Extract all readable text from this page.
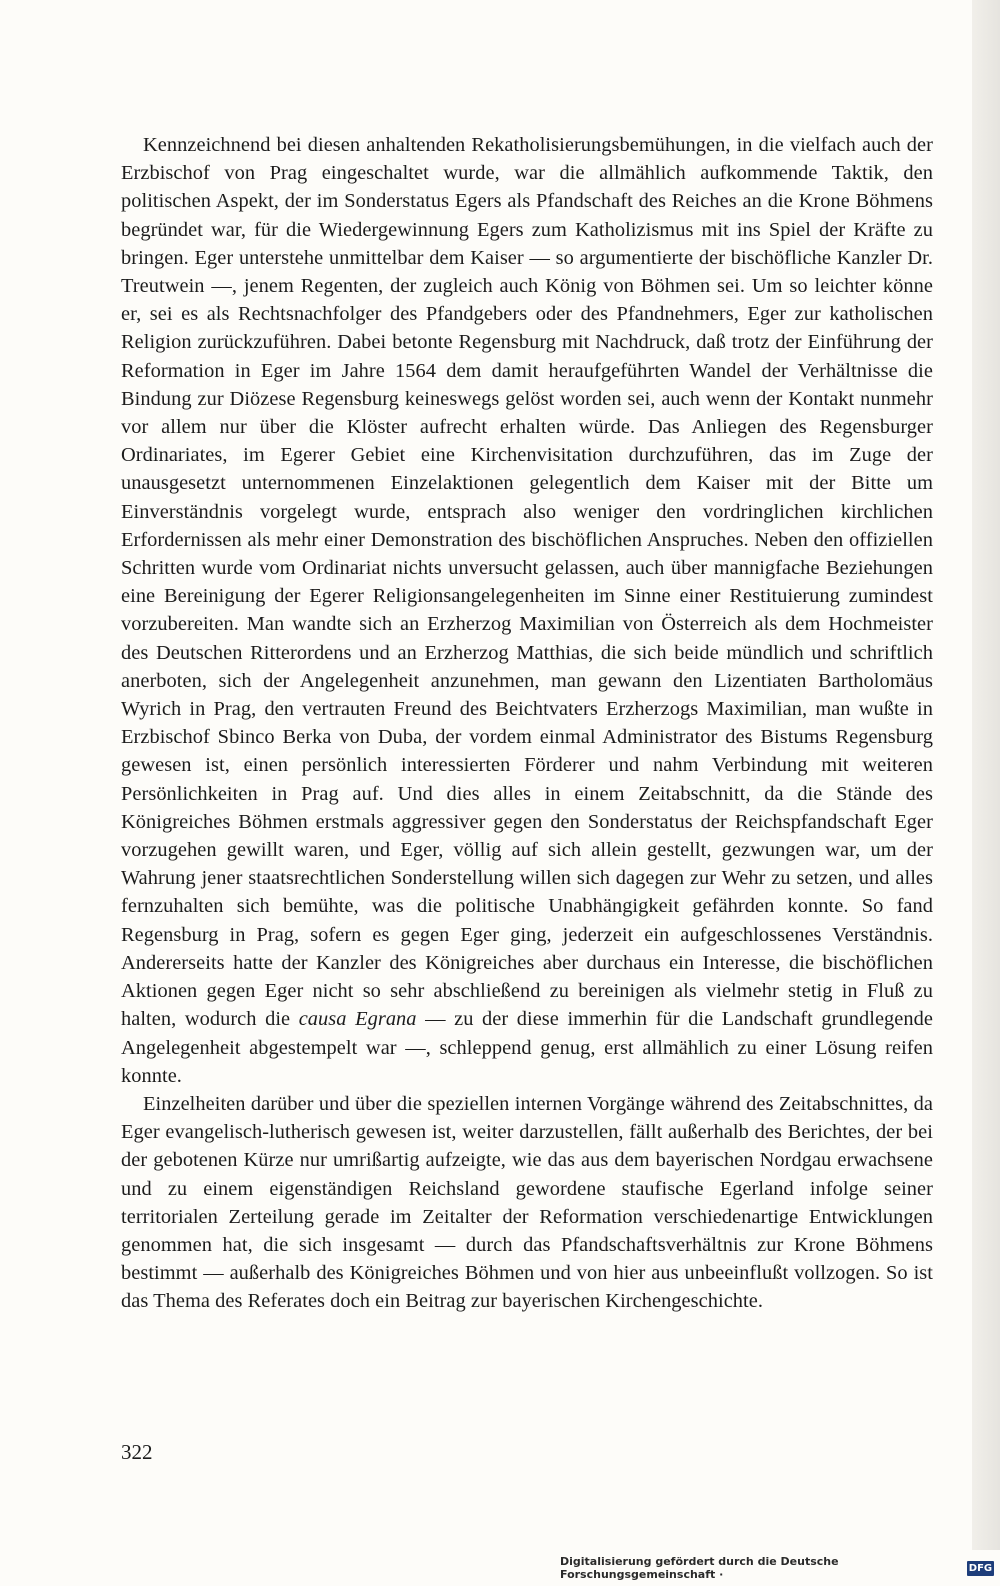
Kennzeichnend bei diesen anhaltenden Rekatholisierungsbemühungen, in die vielfach auch der Erzbischof von Prag eingeschaltet wurde, war die allmählich aufkommende Taktik, den politischen Aspekt, der im Sonderstatus Egers als Pfandschaft des Reiches an die Krone Böhmens begründet war, für die Wiedergewinnung Egers zum Katholizismus mit ins Spiel der Kräfte zu bringen. Eger unterstehe unmittelbar dem Kaiser — so argumentierte der bischöfliche Kanzler Dr. Treutwein —, jenem Regenten, der zugleich auch König von Böhmen sei. Um so leichter könne er, sei es als Rechtsnachfolger des Pfandgebers oder des Pfandnehmers, Eger zur katholischen Religion zurückzuführen. Dabei betonte Regensburg mit Nachdruck, daß trotz der Einführung der Reformation in Eger im Jahre 1564 dem damit heraufgeführten Wandel der Verhältnisse die Bindung zur Diözese Regensburg keineswegs gelöst worden sei, auch wenn der Kontakt nunmehr vor allem nur über die Klöster aufrecht erhalten würde. Das Anliegen des Regensburger Ordinariates, im Egerer Gebiet eine Kirchenvisitation durchzuführen, das im Zuge der unausgesetzt unternommenen Einzelaktionen gelegentlich dem Kaiser mit der Bitte um Einverständnis vorgelegt wurde, entsprach also weniger den vordringlichen kirchlichen Erfordernissen als mehr einer Demonstration des bischöflichen Anspruches. Neben den offiziellen Schritten wurde vom Ordinariat nichts unversucht gelassen, auch über mannigfache Beziehungen eine Bereinigung der Egerer Religionsangelegenheiten im Sinne einer Restituierung zumindest vorzubereiten. Man wandte sich an Erzherzog Maximilian von Österreich als dem Hochmeister des Deutschen Ritterordens und an Erzherzog Matthias, die sich beide mündlich und schriftlich anerboten, sich der Angelegenheit anzunehmen, man gewann den Lizentiaten Bartholomäus Wyrich in Prag, den vertrauten Freund des Beichtvaters Erzherzogs Maximilian, man wußte in Erzbischof Sbinco Berka von Duba, der vordem einmal Administrator des Bistums Regensburg gewesen ist, einen persönlich interessierten Förderer und nahm Verbindung mit weiteren Persönlichkeiten in Prag auf. Und dies alles in einem Zeitabschnitt, da die Stände des Königreiches Böhmen erstmals aggressiver gegen den Sonderstatus der Reichspfandschaft Eger vorzugehen gewillt waren, und Eger, völlig auf sich allein gestellt, gezwungen war, um der Wahrung jener staatsrechtlichen Sonderstellung willen sich dagegen zur Wehr zu setzen, und alles fernzuhalten sich bemühte, was die politische Unabhängigkeit gefährden konnte. So fand Regensburg in Prag, sofern es gegen Eger ging, jederzeit ein aufgeschlossenes Verständnis. Andererseits hatte der Kanzler des Königreiches aber durchaus ein Interesse, die bischöflichen Aktionen gegen Eger nicht so sehr abschließend zu bereinigen als vielmehr stetig in Fluß zu halten, wodurch die causa Egrana — zu der diese immerhin für die Landschaft grundlegende Angelegenheit abgestempelt war —, schleppend genug, erst allmählich zu einer Lösung reifen konnte.

Einzelheiten darüber und über die speziellen internen Vorgänge während des Zeitabschnittes, da Eger evangelisch-lutherisch gewesen ist, weiter darzustellen, fällt außerhalb des Berichtes, der bei der gebotenen Kürze nur umrißartig aufzeigte, wie das aus dem bayerischen Nordgau erwachsene und zu einem eigenständigen Reichsland gewordene staufische Egerland infolge seiner territorialen Zerteilung gerade im Zeitalter der Reformation verschiedenartige Entwicklungen genommen hat, die sich insgesamt — durch das Pfandschaftsverhältnis zur Krone Böhmens bestimmt — außerhalb des Königreiches Böhmen und von hier aus unbeeinflußt vollzogen. So ist das Thema des Referates doch ein Beitrag zur bayerischen Kirchengeschichte.

322
Digitalisierung gefördert durch die Deutsche Forschungsgemeinschaft ·	DFG
